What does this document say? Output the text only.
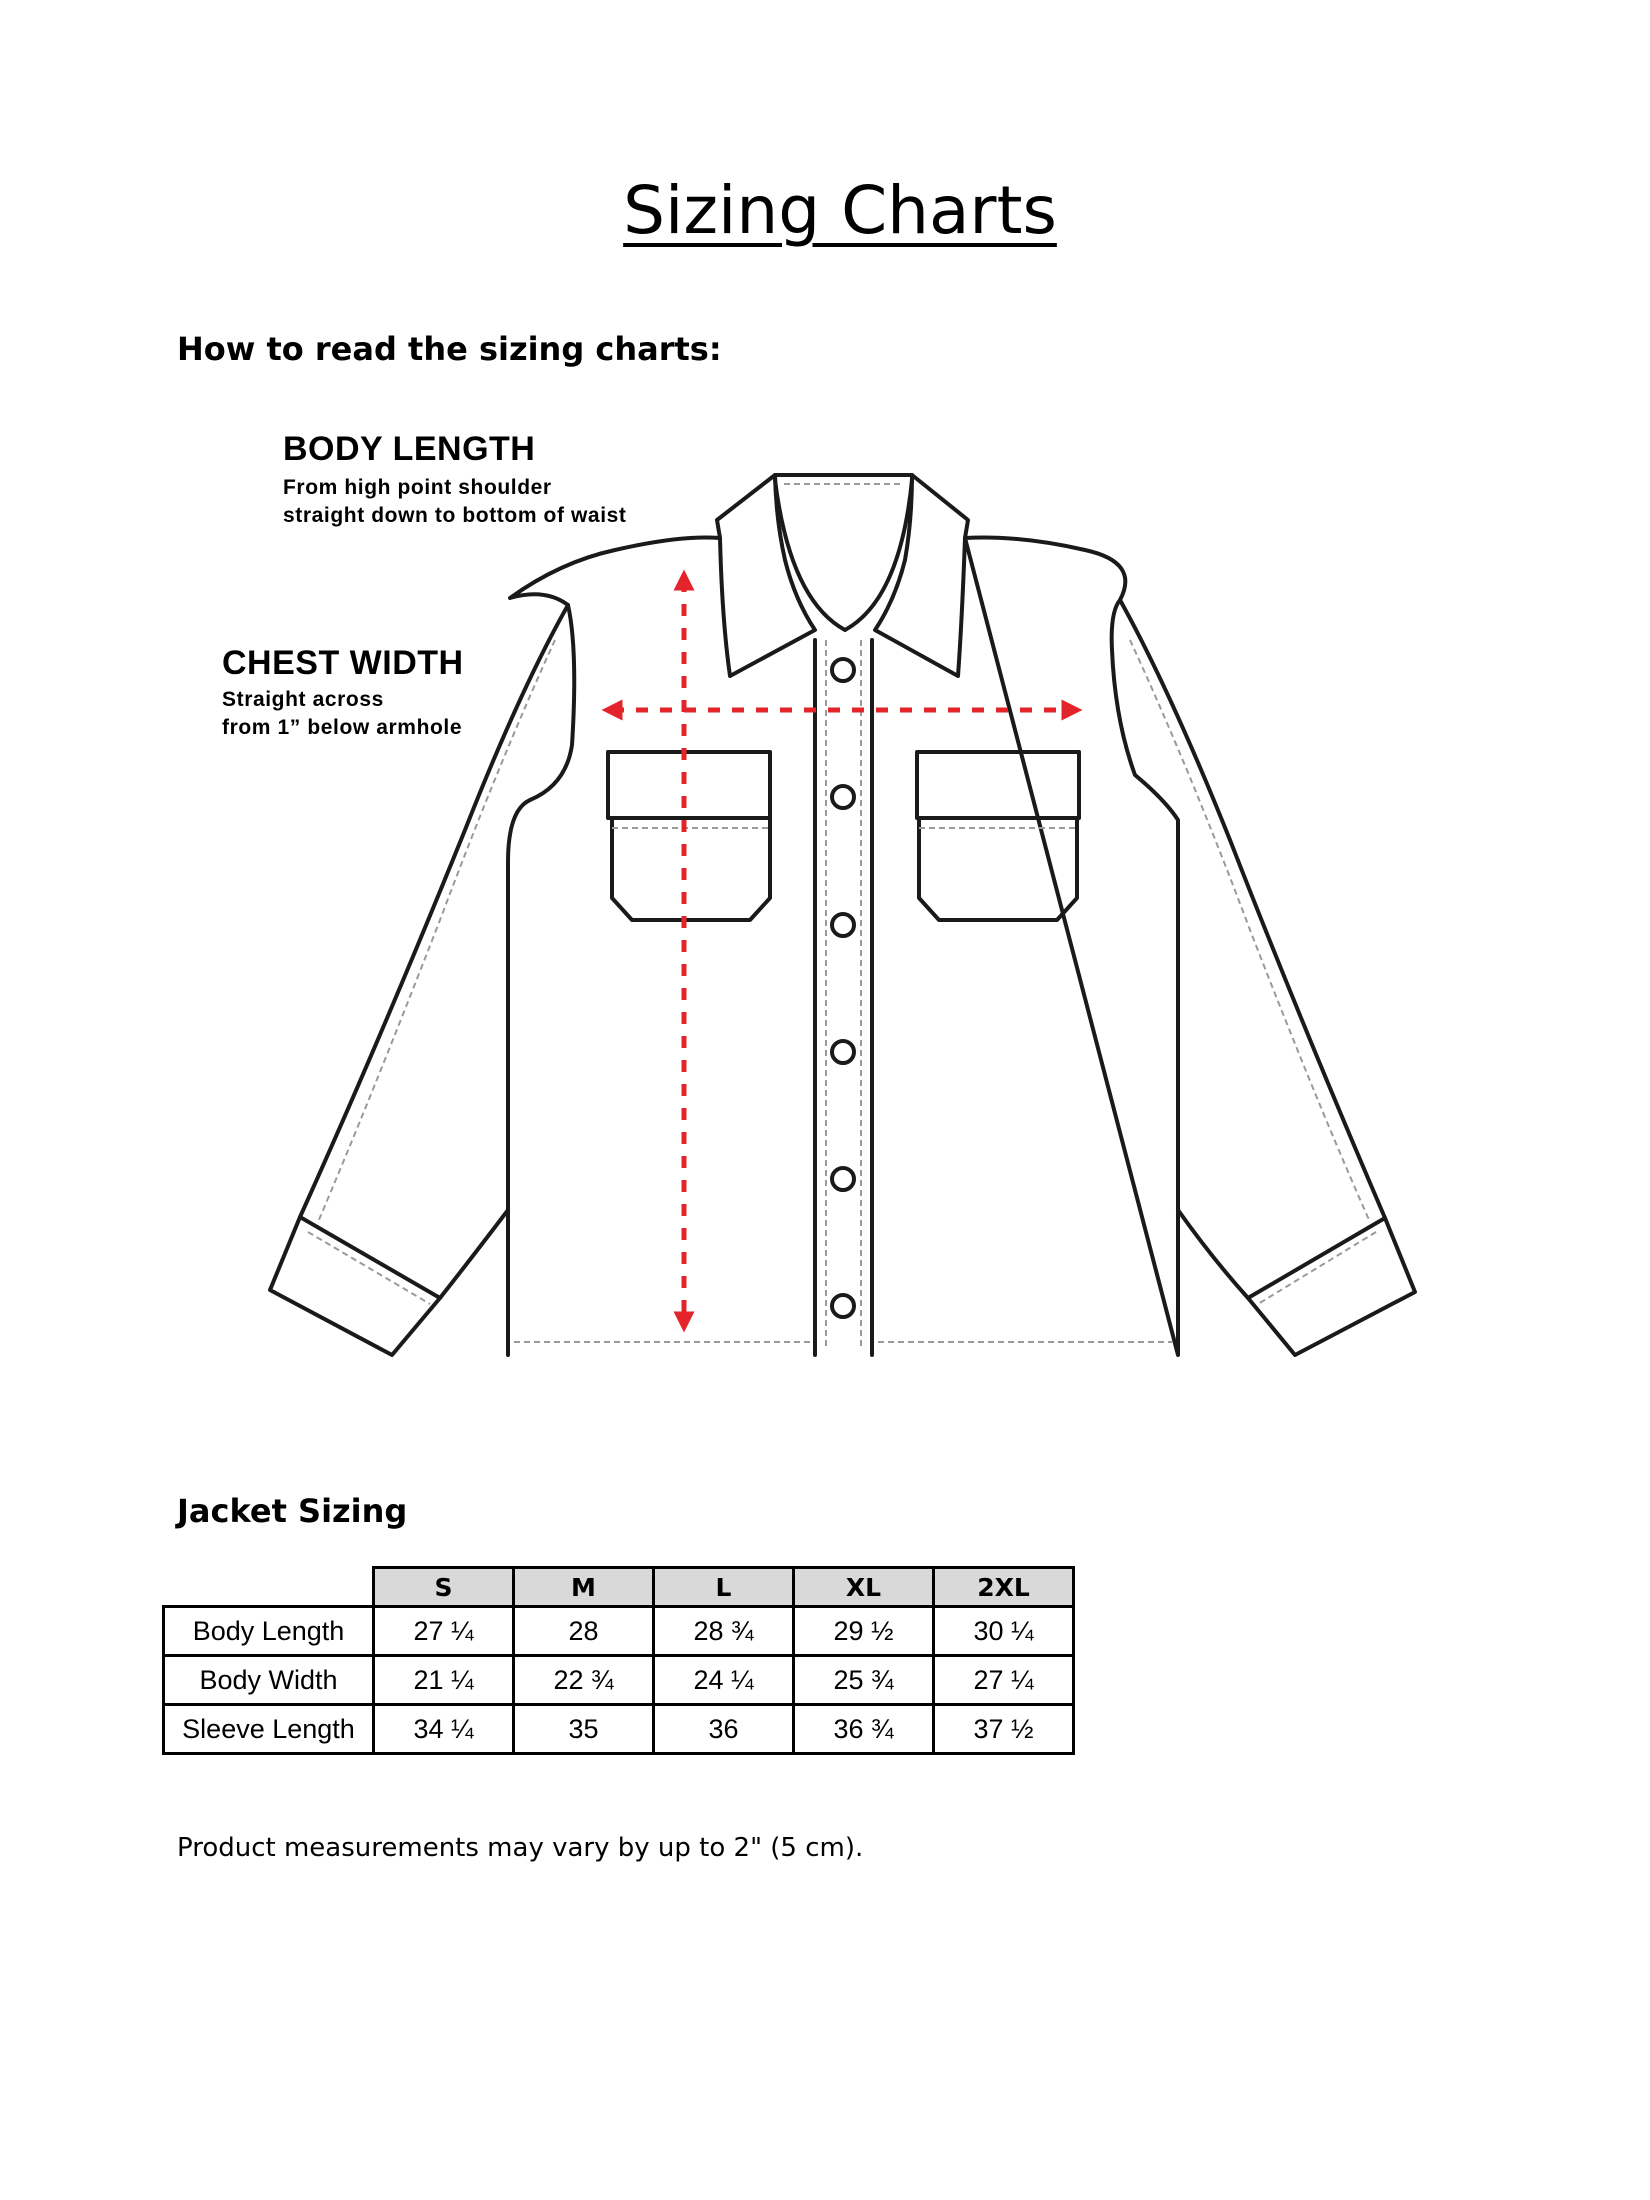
Sizing Charts
How to read the sizing charts:

BODY LENGTH

From high point shoulder
straight down to bottom of waist

CHEST WIDTH

Straight across
from 1” below armhole

Jacket Sizing
	S	M	L	XL	2XL
Body Length	27 ¼	28	28 ¾	29 ½	30 ¼
Body Width	21 ¼	22 ¾	24 ¼	25 ¾	27 ¼
Sleeve Length	34 ¼	35	36	36 ¾	37 ½

Product measurements may vary by up to 2" (5 cm).
